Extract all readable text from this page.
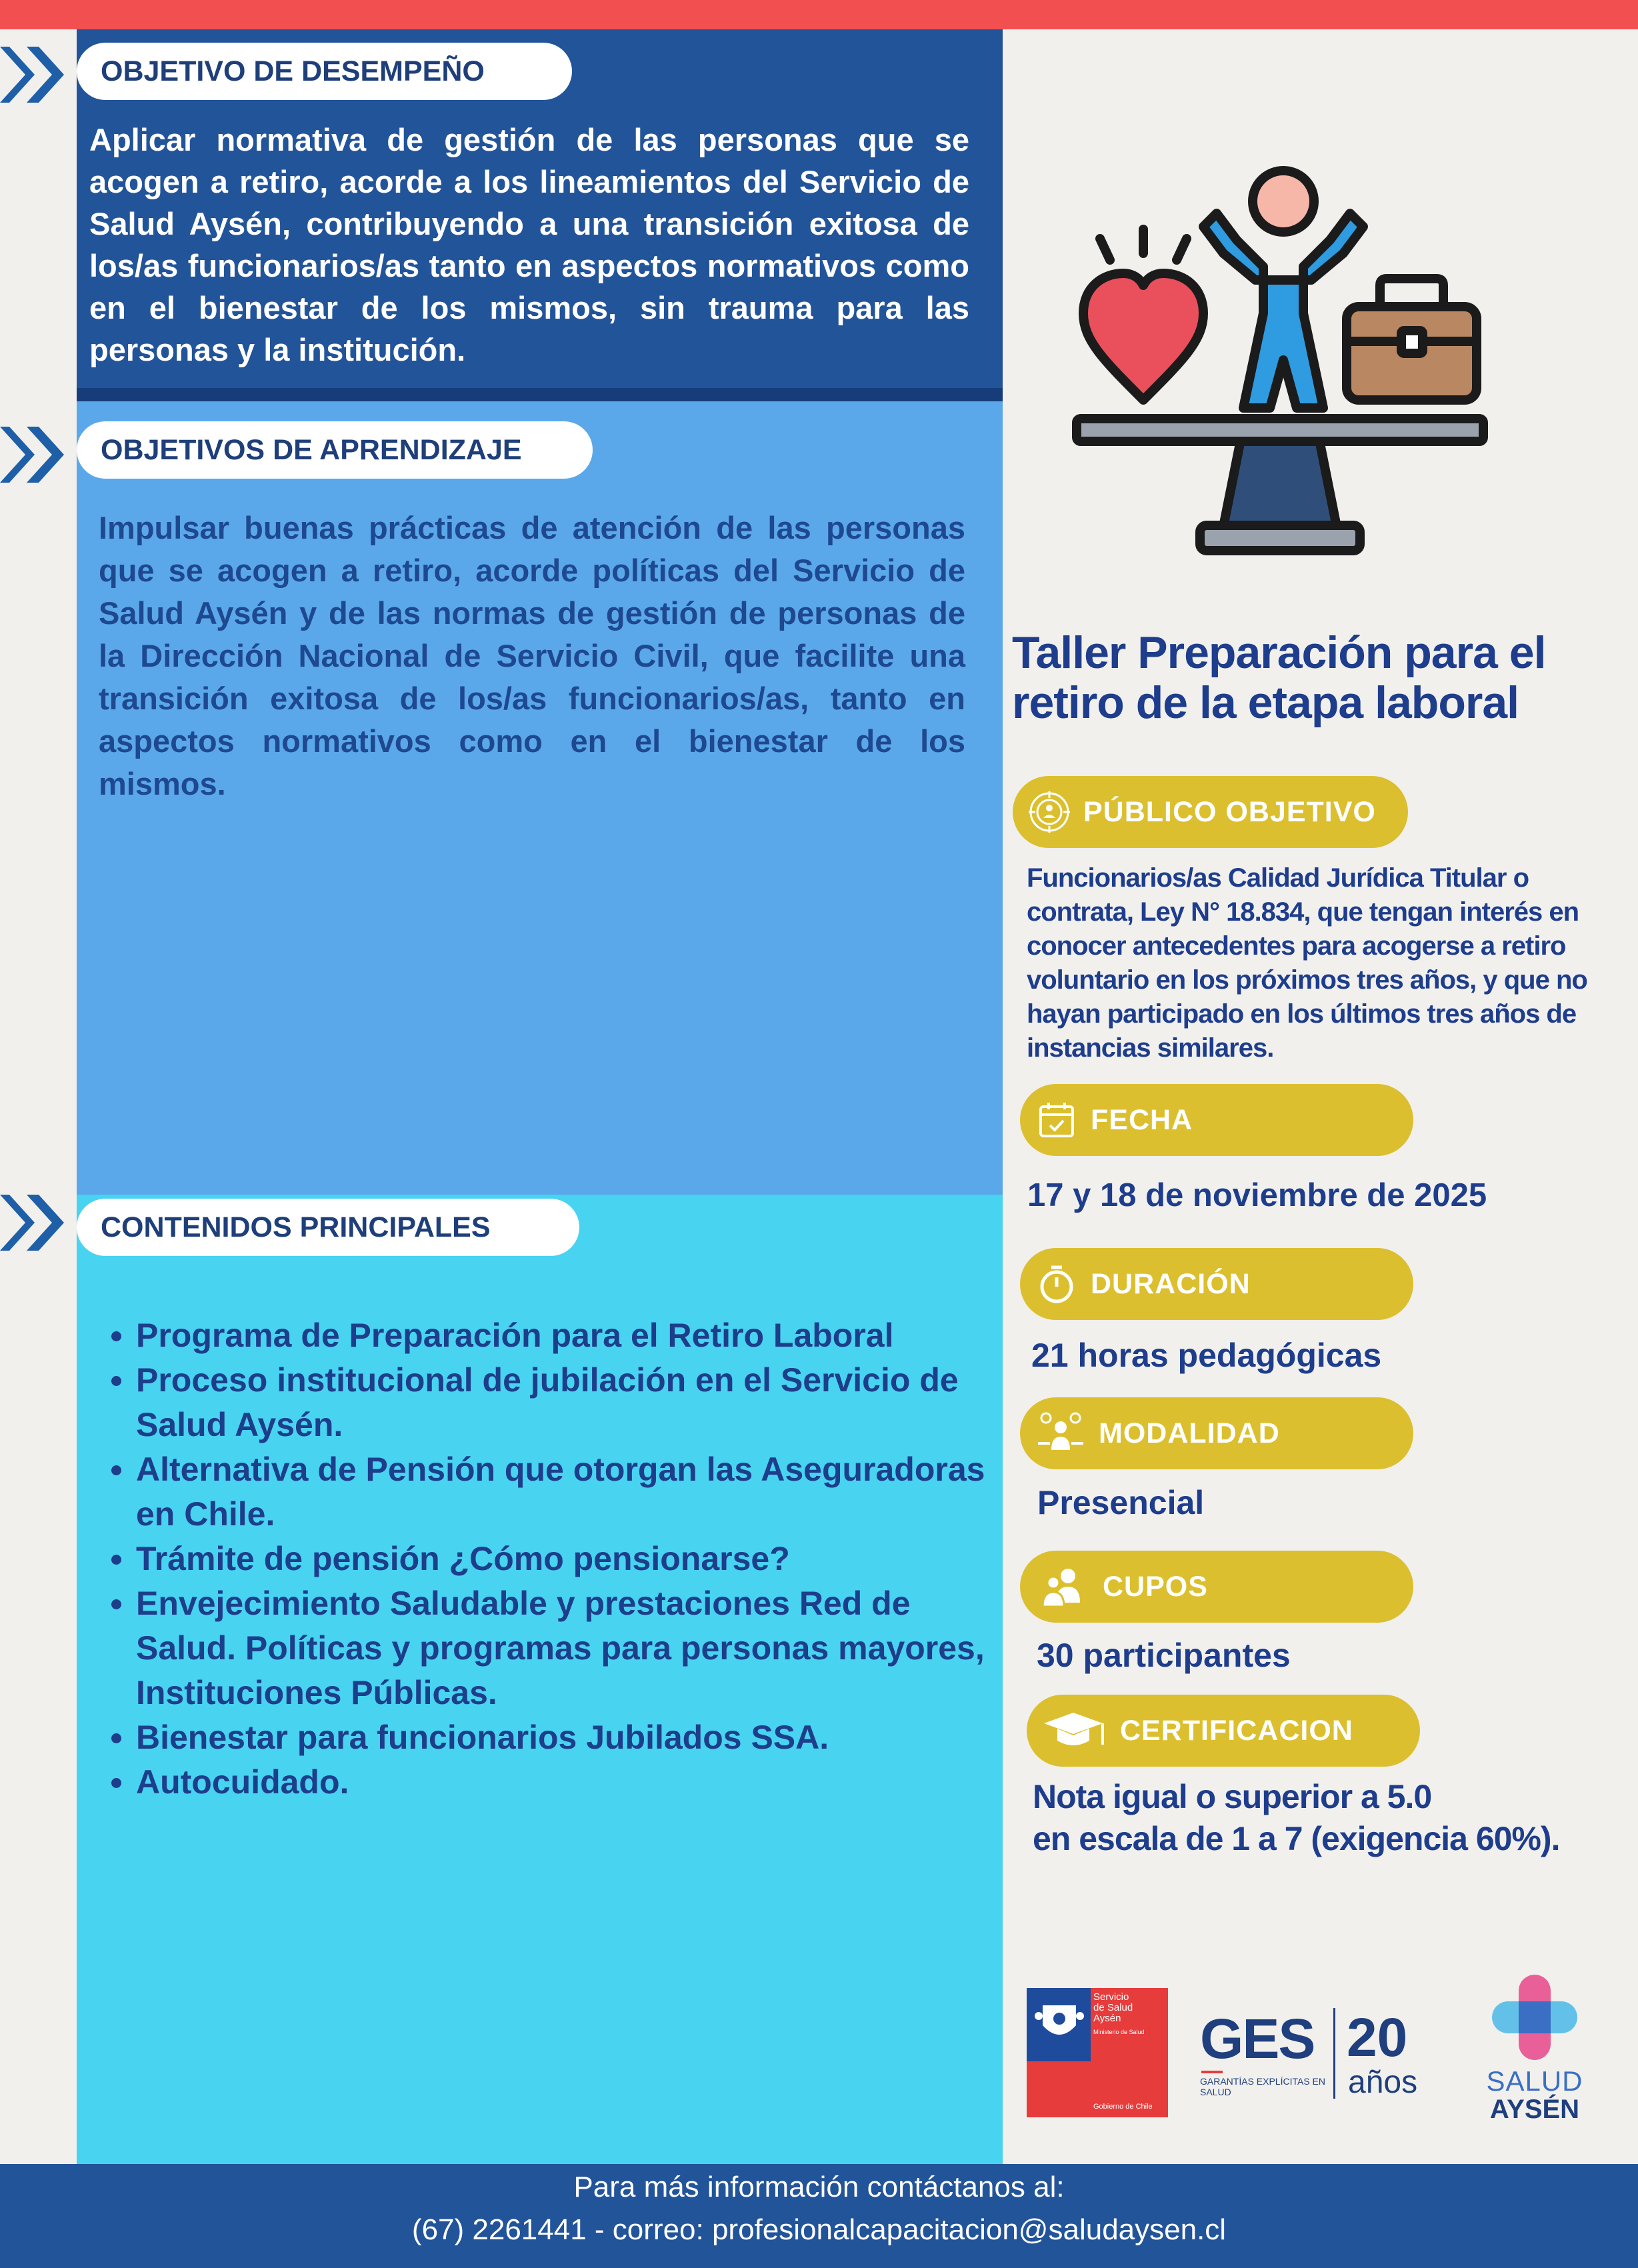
OBJETIVO DE DESEMPEÑO
Aplicar normativa de gestión de las personas que se acogen a retiro, acorde a los lineamientos del Servicio de Salud Aysén, contribuyendo a una transición exitosa de los/as funcionarios/as tanto en aspectos normativos como en el bienestar de los mismos, sin trauma para las personas y la institución.
OBJETIVOS DE APRENDIZAJE
Impulsar buenas prácticas de atención de las personas que se acogen a retiro, acorde políticas del Servicio de Salud Aysén y de las normas de gestión de personas de la Dirección Nacional de Servicio Civil, que facilite una transición exitosa de los/as funcionarios/as, tanto en aspectos normativos como en el bienestar de los mismos.
CONTENIDOS PRINCIPALES
• Programa de Preparación para el Retiro Laboral
• Proceso institucional de jubilación en el Servicio de Salud Aysén.
• Alternativa de Pensión que otorgan las Aseguradoras en Chile.
• Trámite de pensión ¿Cómo pensionarse?
• Envejecimiento Saludable y prestaciones Red de Salud. Políticas y programas para personas mayores, Instituciones Públicas.
• Bienestar para funcionarios Jubilados SSA.
• Autocuidado.
Taller Preparación para el retiro de la etapa laboral
PÚBLICO OBJETIVO
Funcionarios/as Calidad Jurídica Titular o contrata, Ley N° 18.834, que tengan interés en conocer antecedentes para acogerse a retiro voluntario en los próximos tres años, y que no hayan participado en los últimos tres años de instancias similares.
FECHA
17 y 18 de noviembre de 2025
DURACIÓN
21 horas pedagógicas
MODALIDAD
Presencial
CUPOS
30 participantes
CERTIFICACION
Nota igual o superior a 5.0
en escala de 1 a 7 (exigencia 60%).
Servicio
de Salud
Aysén
Ministerio de Salud
Gobierno de Chile
GES
GARANTÍAS EXPLÍCITAS EN SALUD
20
años SALUD
AYSÉN
Para más información contáctanos al:
(67) 2261441 - correo: profesionalcapacitacion@saludaysen.cl
